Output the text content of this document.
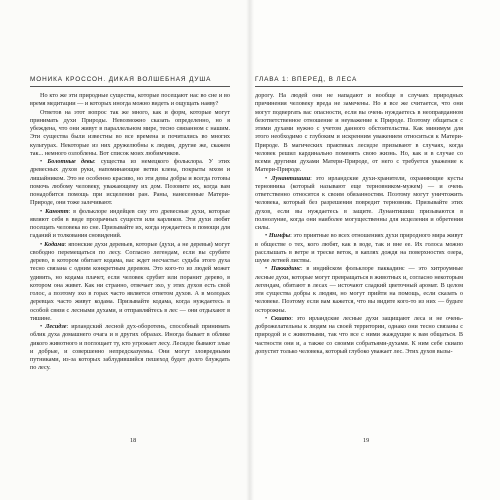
МОНИКА КРОССОН. ДИКАЯ ВОЛШЕБНАЯ ДУША

Но кто же эти природные существа, которые посещают нас во сне и во время медитации — и которых иногда можно видеть и ощущать наяву?

Ответов на этот вопрос так же много, как и форм, которые могут принимать духи Природы. Невозможно сказать определенно, но я убеждена, что они живут в параллельном мире, тесно связанном с нашим. Эти существа были известны во все времена и почитались во многих культурах. Некоторые из них дружелюбны к людям, другие же, скажем так... немного озлоблены. Вот список моих любимчиков.

• Болотные девы: существа из немецкого фольклора. У этих древесных духов руки, напоминающие ветви клена, покрыты мхом и лишайником. Это не особенно красиво, но эти девы добры и всегда готовы помочь любому человеку, уважающему их дом. Позовите их, когда вам понадобится помощь при исцелении ран. Раны, нанесенные Матери-Природе, они тоже залечивают.

• Канотт: в фольклоре индейцев сиу это древесные духи, которые являют себя в виде прозрачных существ или карликов. Эти духи любят посещать человека во сне. Призывайте их, когда нуждаетесь в помощи для гаданий и толкования сновидений.

• Кодама: японские духи деревьев, которые (духи, а не деревья) могут свободно перемещаться по лесу. Согласно легендам, если вы срубите дерево, в котором обитает кодама, вас ждет несчастье: судьба этого духа тесно связана с одним конкретным деревом. Это кого-то из людей может удивить, но кодама плачет, если человек срубит или поранит дерево, в котором она живет. Как ни странно, отвечает эхо, у этих духов есть свой голос, а поэтому эхо в горах часто является ответом духов. А в молодых деревцах часто живут кодама. Призывайте кодама, когда нуждаетесь в особой связи с лесными духами, и отправляйтесь в лес — они отдыхают в тишине.

• Лесидзе: ирландский лесной дух-оборотень, способный принимать облик духа домашнего очага и в других образах. Иногда бывает в облике дикого животного и поглощает ту, кто угрожает лесу. Лесидзе бывают злые и добрые, и совершенно непредсказуемы. Они могут зловредными путниками, из-за которых заблудившийся пешеход будет долго блуждать по лесу.

18
ГЛАВА 1: ВПЕРЕД, В ЛЕСА

дорогу. На людей они не нападают и вообще в случаях природных причинения человеку вреда не замечены. Но я все же считается, что они могут подвергать вас опасности, если вы очень нуждаетесь в неоправданном безответственное отношение и неуважение к Природе. Поэтому общаться с этими духами нужно с учетом данного обстоятельства. Как минимум для этого необходимо с глубоким и искренним уважением относиться к Матери-Природе. В магических практиках лесидзе призывают в случаях, когда человек решил кардинально поменять свою жизнь. Но, как и в случае со всеми другими духами Матери-Природе, от него с требуется уважение к Матери-Природе.

• Лунантишиш: это ирландские духи-хранители, охраняющие кусты терновника (который называют еще терновником-мужем) — и очень ответственно относятся к своим обязанностям. Поэтому могут уничтожить человека, который без разрешения повредит терновник. Призывайте этих духов, если вы нуждаетесь в защите. Лунантишиш призываются в полнолуние, когда они наиболее могущественны для исцеления и обретения силы.

• Нимфы: это приятные во всех отношениях духи природного мира живут в обществе о тех, кого любят, как в воде, так и вне ее. Их голоса можно расслышать в ветре и треске веток, в каплях дождя на поверхностях озера, шуме летней листвы.

• Паккадинс: в индийском фольклоре паккадинс — это хитроумные лесные духи, которые могут превращаться в животных и, согласно некоторым легендам, обитают в лесах — источают сладкий цветочный аромат. В целом эти существа добры к людям, но могут прийти на помощь, если сказать о человеке. Поэтому если вам кажется, что вы видите кого-то из них — будьте осторожны.

• Скиапо: это ирландские лесные духи защищают леса и не очень-доброжелательны к людям на своей территории, однако они тесно связаны с природой и с животными, так что все с ними жаждущие к вам общаться. В частности они и, а также со своими собратьями-духами. К ним себе скиапо допустят только человека, который глубоко уважает лес. Этих духов вызы-

19
